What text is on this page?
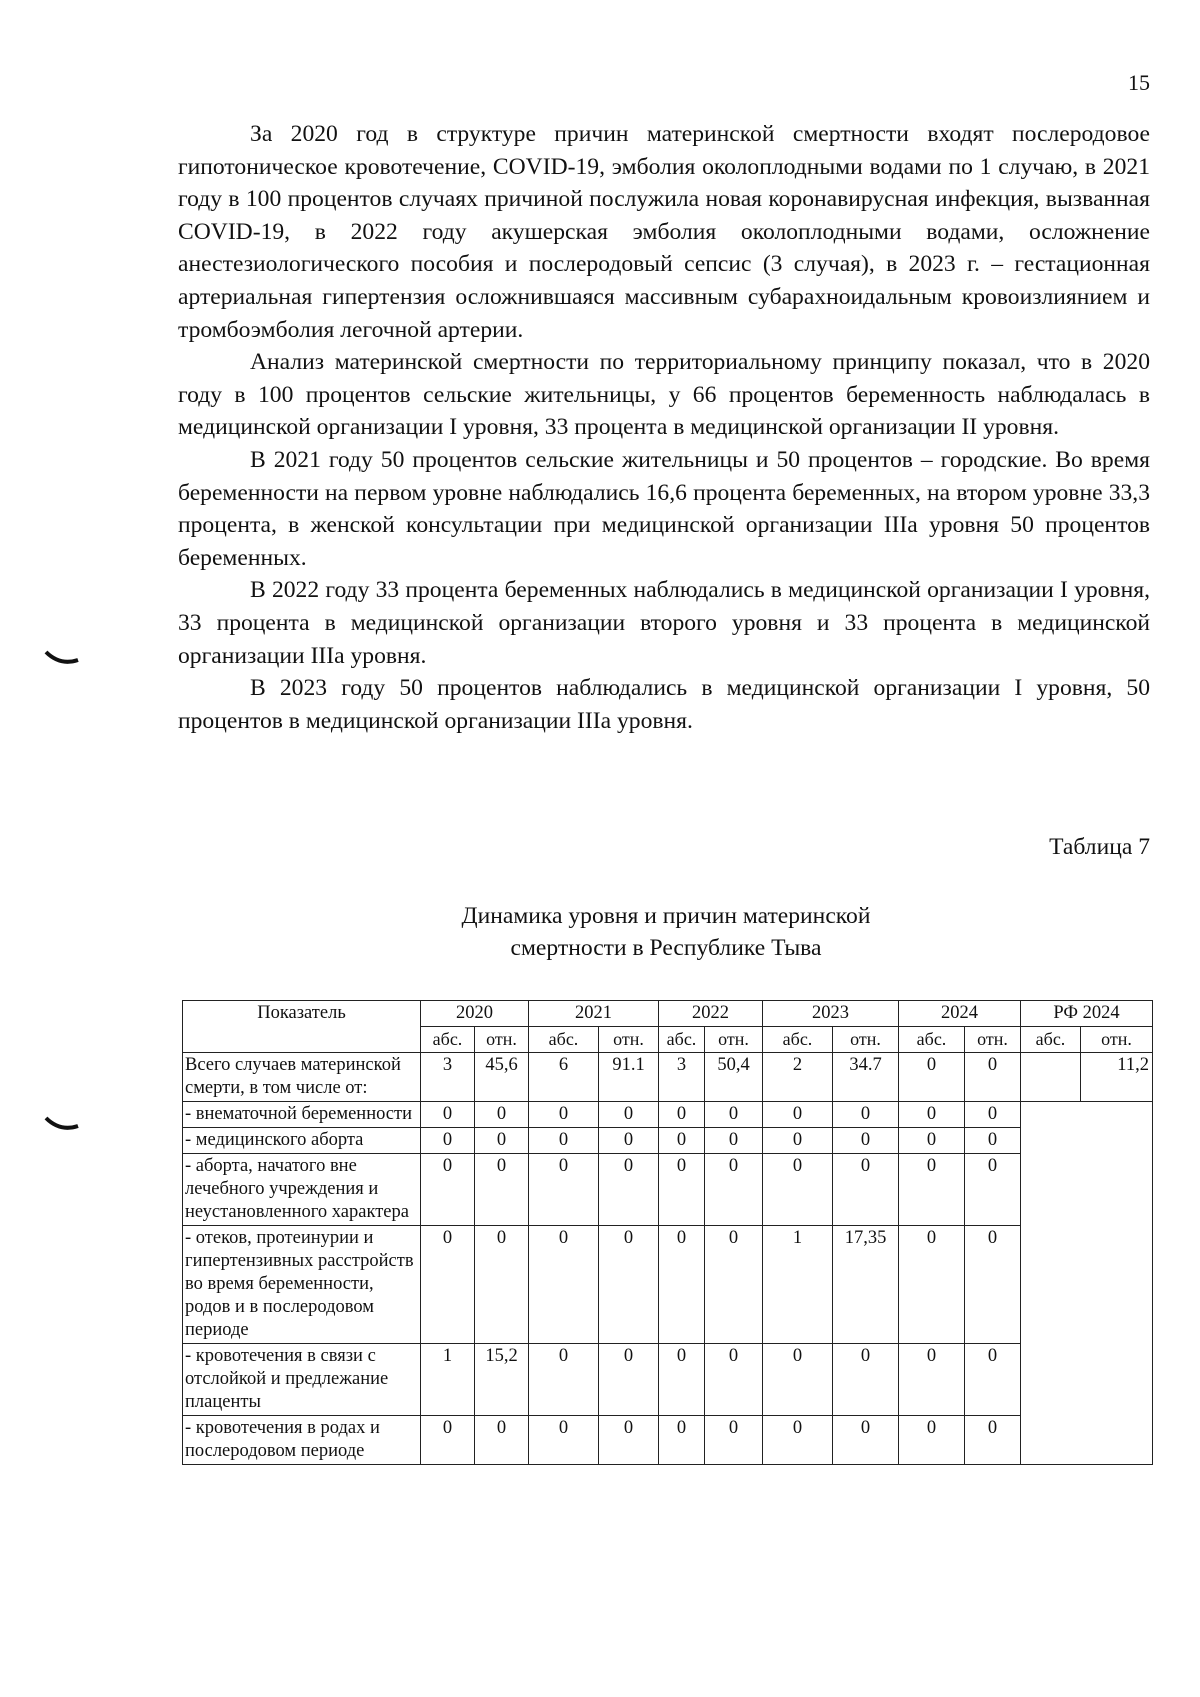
15

За 2020 год в структуре причин материнской смертности входят послеродовое гипотоническое кровотечение, COVID-19, эмболия околоплодными водами по 1 случаю, в 2021 году в 100 процентов случаях причиной послужила новая коронавирусная инфекция, вызванная COVID-19, в 2022 году акушерская эмболия околоплодными водами, осложнение анестезиологического пособия и послеродовый сепсис (3 случая), в 2023 г. – гестационная артериальная гипертензия осложнившаяся массивным субарахноидальным кровоизлиянием и тромбоэмболия легочной артерии.

Анализ материнской смертности по территориальному принципу показал, что в 2020 году в 100 процентов сельские жительницы, у 66 процентов беременность наблюдалась в медицинской организации I уровня, 33 процента в медицинской организации II уровня.

В 2021 году 50 процентов сельские жительницы и 50 процентов – городские. Во время беременности на первом уровне наблюдались 16,6 процента беременных, на втором уровне 33,3 процента, в женской консультации при медицинской организации IIIа уровня 50 процентов беременных.

В 2022 году 33 процента беременных наблюдались в медицинской организации I уровня, 33 процента в медицинской организации второго уровня и 33 процента в медицинской организации IIIа уровня.

В 2023 году 50 процентов наблюдались в медицинской организации I уровня, 50 процентов в медицинской организации IIIа уровня.

Таблица 7
Динамика уровня и причин материнской
смертности в Республике Тыва
Показатель	2020		2021		2022		2023		2024		РФ 2024	
	абс.	отн.	абс.	отн.	абс.	отн.	абс.	отн.	абс.	отн.	абс.	отн.
Всего случаев материнской смерти, в том числе от:	3	45,6	6	91.1	3	50,4	2	34.7	0	0		11,2
- внематочной беременности	0	0	0	0	0	0	0	0	0	0		
- медицинского аборта	0	0	0	0	0	0	0	0	0	0		
- аборта, начатого вне лечебного учреждения и неустановленного характера	0	0	0	0	0	0	0	0	0	0		
- отеков, протеинурии и гипертензивных расстройств во время беременности, родов и в послеродовом периоде	0	0	0	0	0	0	1	17,35	0	0		
- кровотечения в связи с отслойкой и предлежание плаценты	1	15,2	0	0	0	0	0	0	0	0		
- кровотечения в родах и послеродовом периоде	0	0	0	0	0	0	0	0	0	0		
